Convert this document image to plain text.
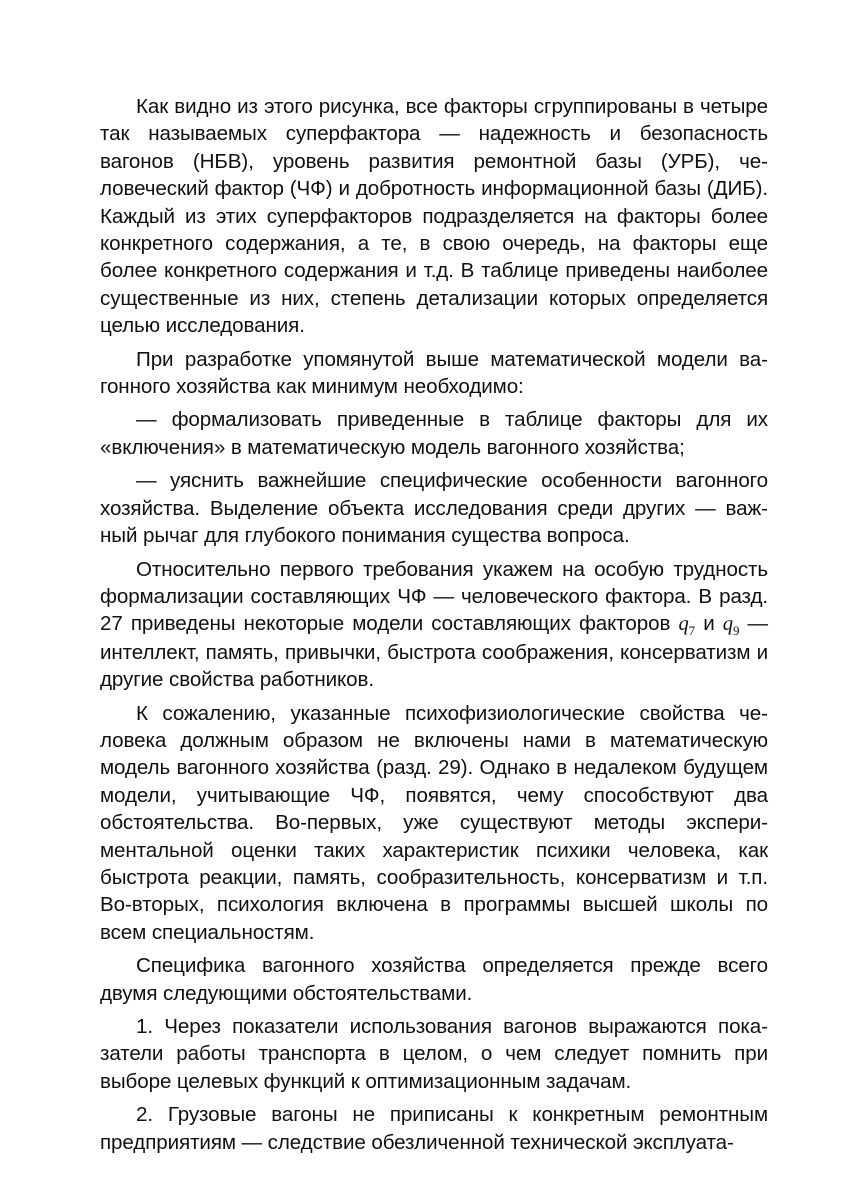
Как видно из этого рисунка, все факторы сгруппированы в четыре так называемых суперфактора — надежность и безопасность вагонов (НБВ), уровень развития ремонтной базы (УРБ), человеческий фактор (ЧФ) и добротность информационной базы (ДИБ). Каждый из этих суперфакторов подразделяется на факторы более конкретного содержания, а те, в свою очередь, на факторы еще более конкретного содержания и т.д. В таблице приведены наиболее существенные из них, степень детализации которых определяется целью исследования.

При разработке упомянутой выше математической модели вагонного хозяйства как минимум необходимо:

— формализовать приведенные в таблице факторы для их «включения» в математическую модель вагонного хозяйства;

— уяснить важнейшие специфические особенности вагонного хозяйства. Выделение объекта исследования среди других — важный рычаг для глубокого понимания существа вопроса.

Относительно первого требования укажем на особую трудность формализации составляющих ЧФ — человеческого фактора. В разд. 27 приведены некоторые модели составляющих факторов $q_7$ и $q_9$ — интеллект, память, привычки, быстрота соображения, консерватизм и другие свойства работников.

К сожалению, указанные психофизиологические свойства человека должным образом не включены нами в математическую модель вагонного хозяйства (разд. 29). Однако в недалеком будущем модели, учитывающие ЧФ, появятся, чему способствуют два обстоятельства. Во-первых, уже существуют методы экспериментальной оценки таких характеристик психики человека, как быстрота реакции, память, сообразительность, консерватизм и т.п. Во-вторых, психология включена в программы высшей школы по всем специальностям.

Специфика вагонного хозяйства определяется прежде всего двумя следующими обстоятельствами.

1. Через показатели использования вагонов выражаются показатели работы транспорта в целом, о чем следует помнить при выборе целевых функций к оптимизационным задачам.

2. Грузовые вагоны не приписаны к конкретным ремонтным предприятиям — следствие обезличенной технической эксплуата-
